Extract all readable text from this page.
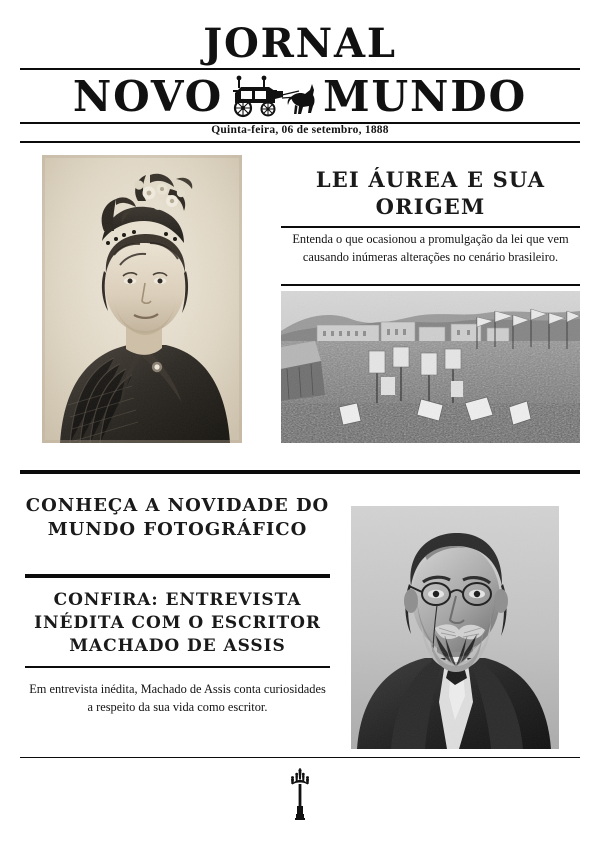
JORNAL
NOVO MUNDO
Quinta-feira, 06 de setembro, 1888
LEI ÁUREA E SUA ORIGEM
Entenda o que ocasionou a promulgação da lei que vem causando inúmeras alterações no cenário brasileiro.
CONHEÇA A NOVIDADE DO MUNDO FOTOGRÁFICO
CONFIRA: ENTREVISTA INÉDITA COM O ESCRITOR MACHADO DE ASSIS
Em entrevista inédita, Machado de Assis conta curiosidades a respeito da sua vida como escritor.
